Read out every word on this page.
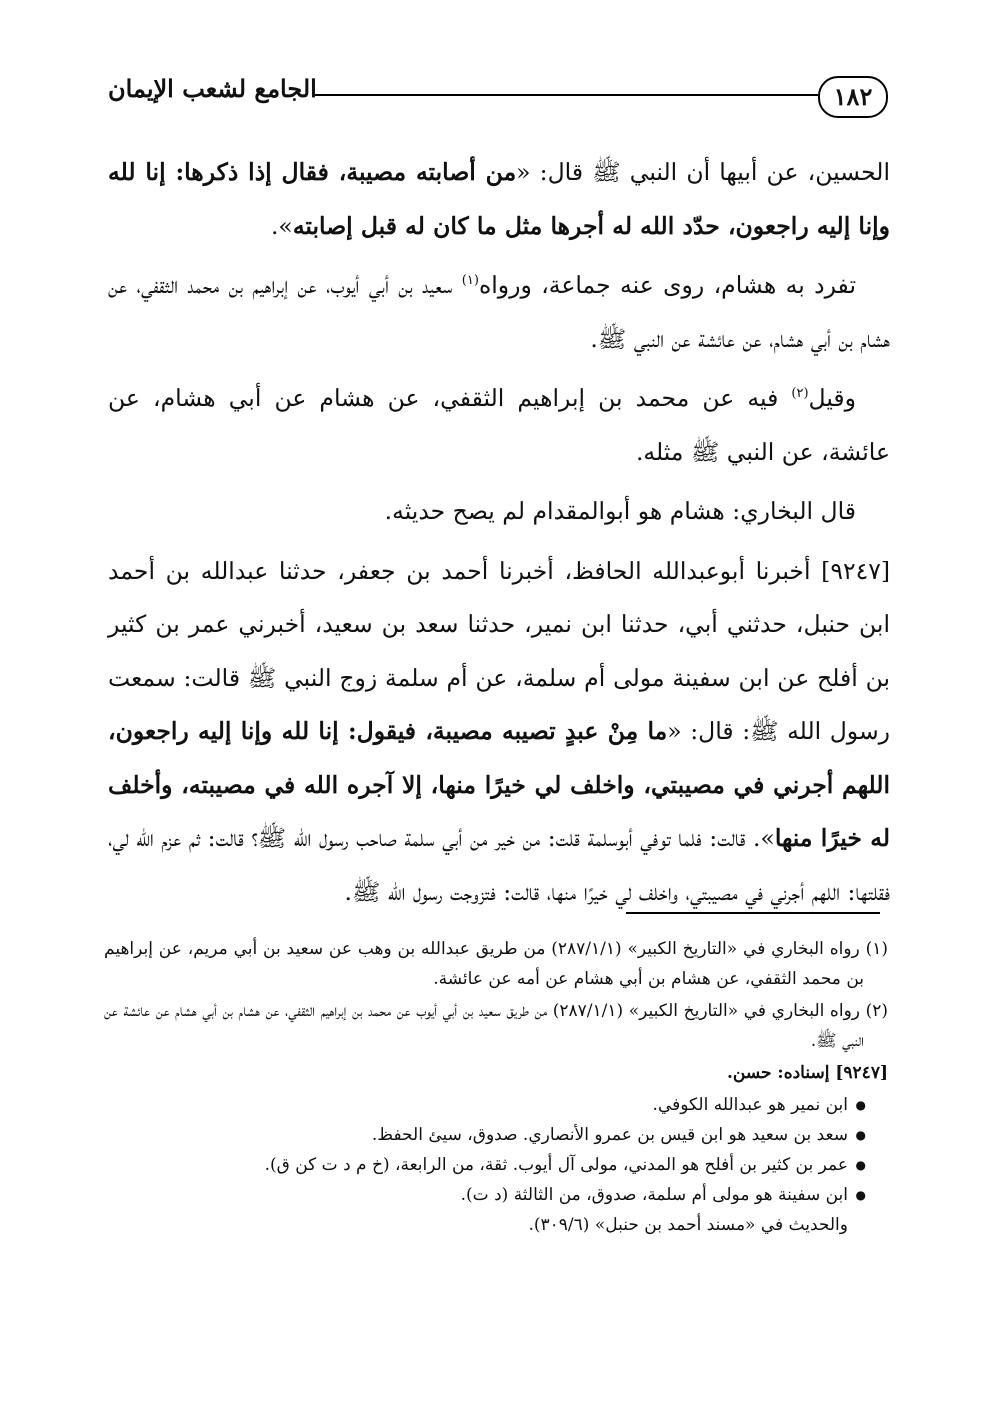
١٨٢
الجامع لشعب الإيمان

الحسين، عن أبيها أن النبي ﷺ قال: «من أصابته مصيبة، فقال إذا ذكرها: إنا لله وإنا إليه راجعون، حدّد الله له أجرها مثل ما كان له قبل إصابته».

تفرد به هشام، روى عنه جماعة، ورواه$^{(١)}$ سعيد بن أبي أيوب، عن إبراهيم بن محمد الثقفي، عن هشام بن أبي هشام، عن عائشة عن النبي ﷺ.

وقيل$^{(٢)}$ فيه عن محمد بن إبراهيم الثقفي، عن هشام عن أبي هشام، عن عائشة، عن النبي ﷺ مثله.

قال البخاري: هشام هو أبوالمقدام لم يصح حديثه.

[٩٢٤٧] أخبرنا أبوعبدالله الحافظ، أخبرنا أحمد بن جعفر، حدثنا عبدالله بن أحمد ابن حنبل، حدثني أبي، حدثنا ابن نمير، حدثنا سعد بن سعيد، أخبرني عمر بن كثير بن أفلح عن ابن سفينة مولى أم سلمة، عن أم سلمة زوج النبي ﷺ قالت: سمعت رسول الله ﷺ: قال: «ما مِنْ عبدٍ تصيبه مصيبة، فيقول: إنا لله وإنا إليه راجعون، اللهم أجرني في مصيبتي، واخلف لي خيرًا منها، إلا آجره الله في مصيبته، وأخلف له خيرًا منها». قالت: فلما توفي أبوسلمة قلت: من خير من أبي سلمة صاحب رسول الله ﷺ؟ قالت: ثم عزم الله لي، فقلتها: اللهم أجرني في مصيبتي، واخلف لي خيرًا منها، قالت: فتزوجت رسول الله ﷺ.

(١) رواه البخاري في «التاريخ الكبير» (٢٨٧/١/١) من طريق عبدالله بن وهب عن سعيد بن أبي مريم، عن إبراهيم بن محمد الثقفي، عن هشام بن أبي هشام عن أمه عن عائشة.

(٢) رواه البخاري في «التاريخ الكبير» (٢٨٧/١/١) من طريق سعيد بن أبي أيوب عن محمد بن إبراهيم الثقفي، عن هشام بن أبي هشام عن عائشة عن النبي ﷺ.

[٩٢٤٧] إسناده: حسن.

● ابن نمير هو عبدالله الكوفي.
● سعد بن سعيد هو ابن قيس بن عمرو الأنصاري. صدوق، سيئ الحفظ.
● عمر بن كثير بن أفلح هو المدني، مولى آل أيوب. ثقة، من الرابعة، (خ م د ت كن ق).
● ابن سفينة هو مولى أم سلمة، صدوق، من الثالثة (د ت).

والحديث في «مسند أحمد بن حنبل» (٣٠٩/٦).
